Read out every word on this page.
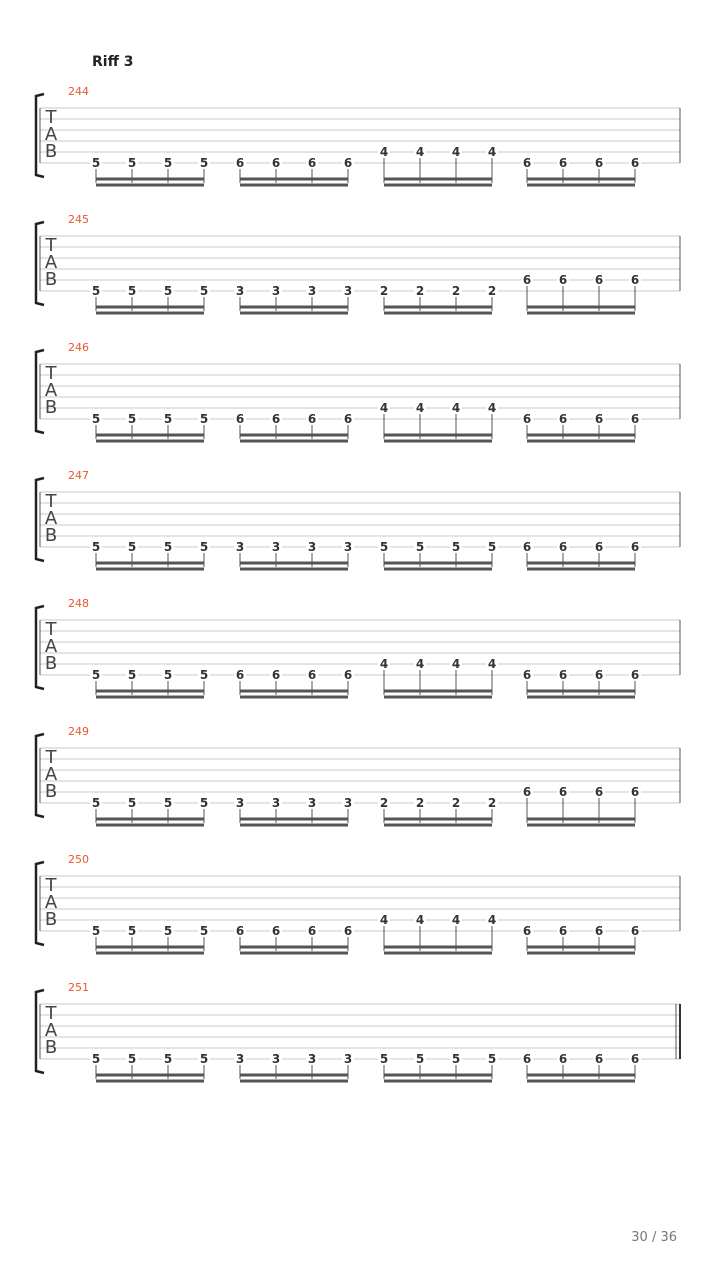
Riff 3
244
T
A
B
5 5 5 5 6 6 6 6
4 4 4 4
6 6 6 6
245
T
A
B
5 5 5 5 3 3 3 3 2 2 2 2
6 6 6 6
246
T
A
B
5 5 5 5 6 6 6 6
4 4 4 4
6 6 6 6
247
T
A
B
5 5 5 5 3 3 3 3 5 5 5 5 6 6 6 6
248
T
A
B
5 5 5 5 6 6 6 6
4 4 4 4
6 6 6 6
249
T
A
B
5 5 5 5 3 3 3 3 2 2 2 2
6 6 6 6
250
T
A
B
5 5 5 5 6 6 6 6
4 4 4 4
6 6 6 6
251
T
A
B
5 5 5 5 3 3 3 3 5 5 5 5 6 6 6 6
30 / 36
